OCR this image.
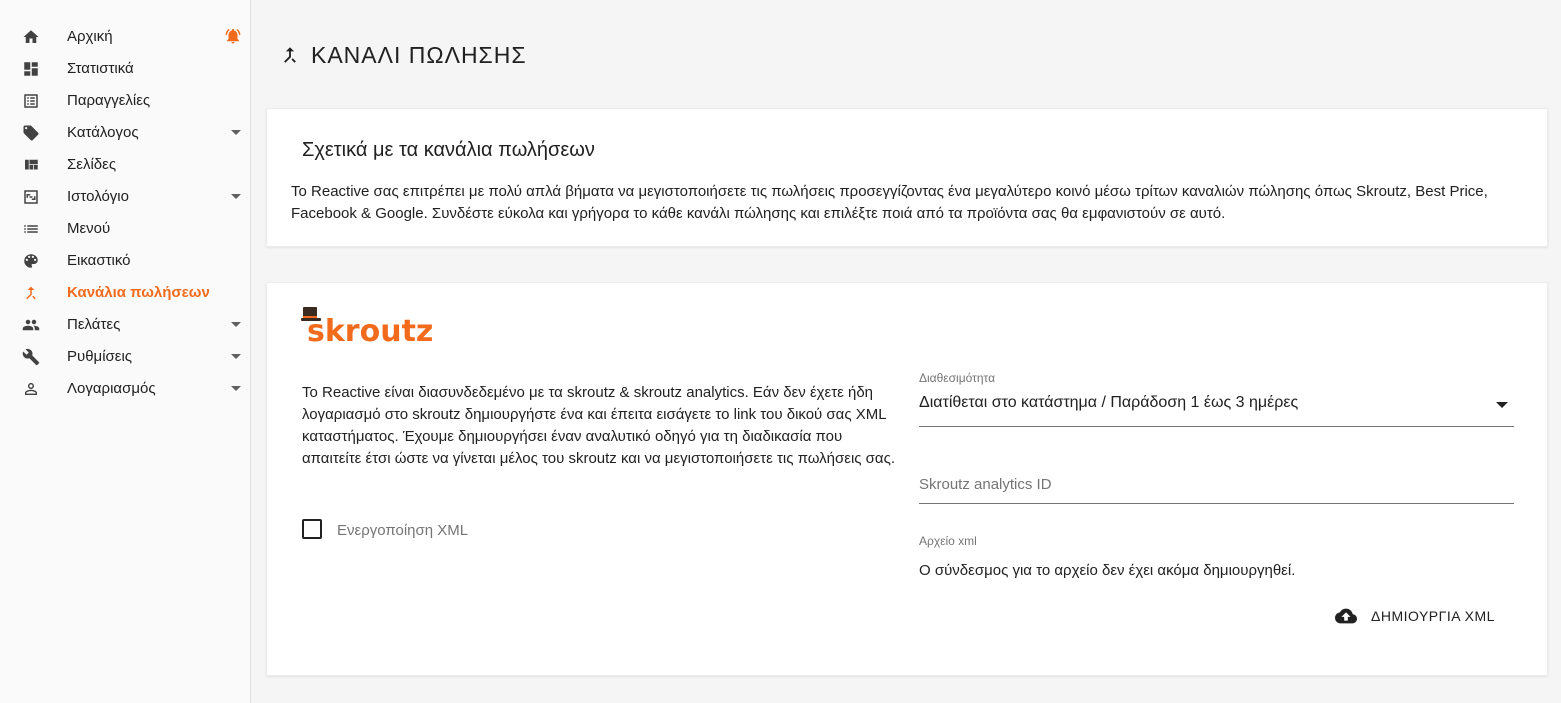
Αρχική
Στατιστικά
Παραγγελίες
Κατάλογος
Σελίδες
Ιστολόγιο
Μενού
Εικαστικό
Κανάλια πωλήσεων
Πελάτες
Ρυθμίσεις
Λογαριασμός
ΚΑΝΑΛΙ ΠΩΛΗΣΗΣ
Σχετικά με τα κανάλια πωλήσεων

Το Reactive σας επιτρέπει με πολύ απλά βήματα να μεγιστοποιήσετε τις πωλήσεις προσεγγίζοντας ένα μεγαλύτερο κοινό μέσω τρίτων καναλιών πώλησης όπως Skroutz, Best Price, Facebook & Google. Συνδέστε εύκολα και γρήγορα το κάθε κανάλι πώλησης και επιλέξτε ποιά από τα προϊόντα σας θα εμφανιστούν σε αυτό.

skroutz

Το Reactive είναι διασυνδεδεμένο με τα skroutz & skroutz analytics. Εάν δεν έχετε ήδη λογαριασμό στο skroutz δημιουργήστε ένα και έπειτα εισάγετε το link του δικού σας XML καταστήματος. Έχουμε δημιουργήσει έναν αναλυτικό οδηγό για τη διαδικασία που απαιτείτε έτσι ώστε να γίνεται μέλος του skroutz και να μεγιστοποιήσετε τις πωλήσεις σας.

Ενεργοποίηση XML
Διαθεσιμότητα
Διατίθεται στο κατάστημα / Παράδοση 1 έως 3 ημέρες
Skroutz analytics ID
Αρχείο xml
Ο σύνδεσμος για το αρχείο δεν έχει ακόμα δημιουργηθεί.
ΔΗΜΙΟΥΡΓΙΑ XML
